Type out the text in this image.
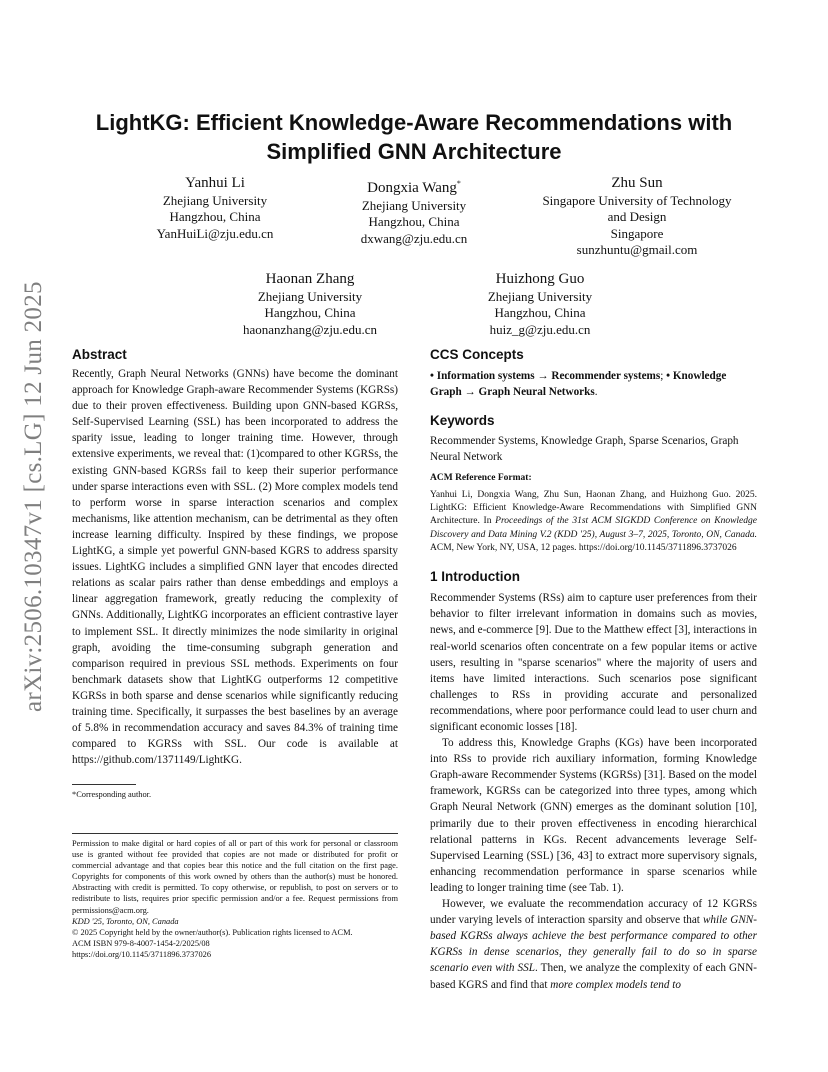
arXiv:2506.10347v1 [cs.LG] 12 Jun 2025
LightKG: Efficient Knowledge-Aware Recommendations with
Simplified GNN Architecture
Yanhui Li
Zhejiang University
Hangzhou, China
YanHuiLi@zju.edu.cn
Dongxia Wang*
Zhejiang University
Hangzhou, China
dxwang@zju.edu.cn
Zhu Sun
Singapore University of Technology
and Design
Singapore
sunzhuntu@gmail.com
Haonan Zhang
Zhejiang University
Hangzhou, China
haonanzhang@zju.edu.cn
Huizhong Guo
Zhejiang University
Hangzhou, China
huiz_g@zju.edu.cn

Abstract

Recently, Graph Neural Networks (GNNs) have become the dominant approach for Knowledge Graph-aware Recommender Systems (KGRSs) due to their proven effectiveness. Building upon GNN-based KGRSs, Self-Supervised Learning (SSL) has been incorporated to address the sparity issue, leading to longer training time. However, through extensive experiments, we reveal that: (1)compared to other KGRSs, the existing GNN-based KGRSs fail to keep their superior performance under sparse interactions even with SSL. (2) More complex models tend to perform worse in sparse interaction scenarios and complex mechanisms, like attention mechanism, can be detrimental as they often increase learning difficulty. Inspired by these findings, we propose LightKG, a simple yet powerful GNN-based KGRS to address sparsity issues. LightKG includes a simplified GNN layer that encodes directed relations as scalar pairs rather than dense embeddings and employs a linear aggregation framework, greatly reducing the complexity of GNNs. Additionally, LightKG incorporates an efficient contrastive layer to implement SSL. It directly minimizes the node similarity in original graph, avoiding the time-consuming subgraph generation and comparison required in previous SSL methods. Experiments on four benchmark datasets show that LightKG outperforms 12 competitive KGRSs in both sparse and dense scenarios while significantly reducing training time. Specifically, it surpasses the best baselines by an average of 5.8% in recommendation accuracy and saves 84.3% of training time compared to KGRSs with SSL. Our code is available at https://github.com/1371149/LightKG.

*Corresponding author.
Permission to make digital or hard copies of all or part of this work for personal or classroom use is granted without fee provided that copies are not made or distributed for profit or commercial advantage and that copies bear this notice and the full citation on the first page. Copyrights for components of this work owned by others than the author(s) must be honored. Abstracting with credit is permitted. To copy otherwise, or republish, to post on servers or to redistribute to lists, requires prior specific permission and/or a fee. Request permissions from permissions@acm.org.
KDD '25, Toronto, ON, Canada
© 2025 Copyright held by the owner/author(s). Publication rights licensed to ACM.
ACM ISBN 979-8-4007-1454-2/2025/08
https://doi.org/10.1145/3711896.3737026

CCS Concepts

• Information systems → Recommender systems; • Knowledge Graph → Graph Neural Networks.

Keywords

Recommender Systems, Knowledge Graph, Sparse Scenarios, Graph Neural Network

ACM Reference Format:

Yanhui Li, Dongxia Wang, Zhu Sun, Haonan Zhang, and Huizhong Guo. 2025. LightKG: Efficient Knowledge-Aware Recommendations with Simplified GNN Architecture. In Proceedings of the 31st ACM SIGKDD Conference on Knowledge Discovery and Data Mining V.2 (KDD '25), August 3–7, 2025, Toronto, ON, Canada. ACM, New York, NY, USA, 12 pages. https://doi.org/10.1145/3711896.3737026

1 Introduction

Recommender Systems (RSs) aim to capture user preferences from their behavior to filter irrelevant information in domains such as movies, news, and e-commerce [9]. Due to the Matthew effect [3], interactions in real-world scenarios often concentrate on a few popular items or active users, resulting in "sparse scenarios" where the majority of users and items have limited interactions. Such scenarios pose significant challenges to RSs in providing accurate and personalized recommendations, where poor performance could lead to user churn and significant economic losses [18].

To address this, Knowledge Graphs (KGs) have been incorporated into RSs to provide rich auxiliary information, forming Knowledge Graph-aware Recommender Systems (KGRSs) [31]. Based on the model framework, KGRSs can be categorized into three types, among which Graph Neural Network (GNN) emerges as the dominant solution [10], primarily due to their proven effectiveness in encoding hierarchical relational patterns in KGs. Recent advancements leverage Self-Supervised Learning (SSL) [36, 43] to extract more supervisory signals, enhancing recommendation performance in sparse scenarios while leading to longer training time (see Tab. 1).

However, we evaluate the recommendation accuracy of 12 KGRSs under varying levels of interaction sparsity and observe that while GNN-based KGRSs always achieve the best performance compared to other KGRSs in dense scenarios, they generally fail to do so in sparse scenario even with SSL. Then, we analyze the complexity of each GNN-based KGRS and find that more complex models tend to
